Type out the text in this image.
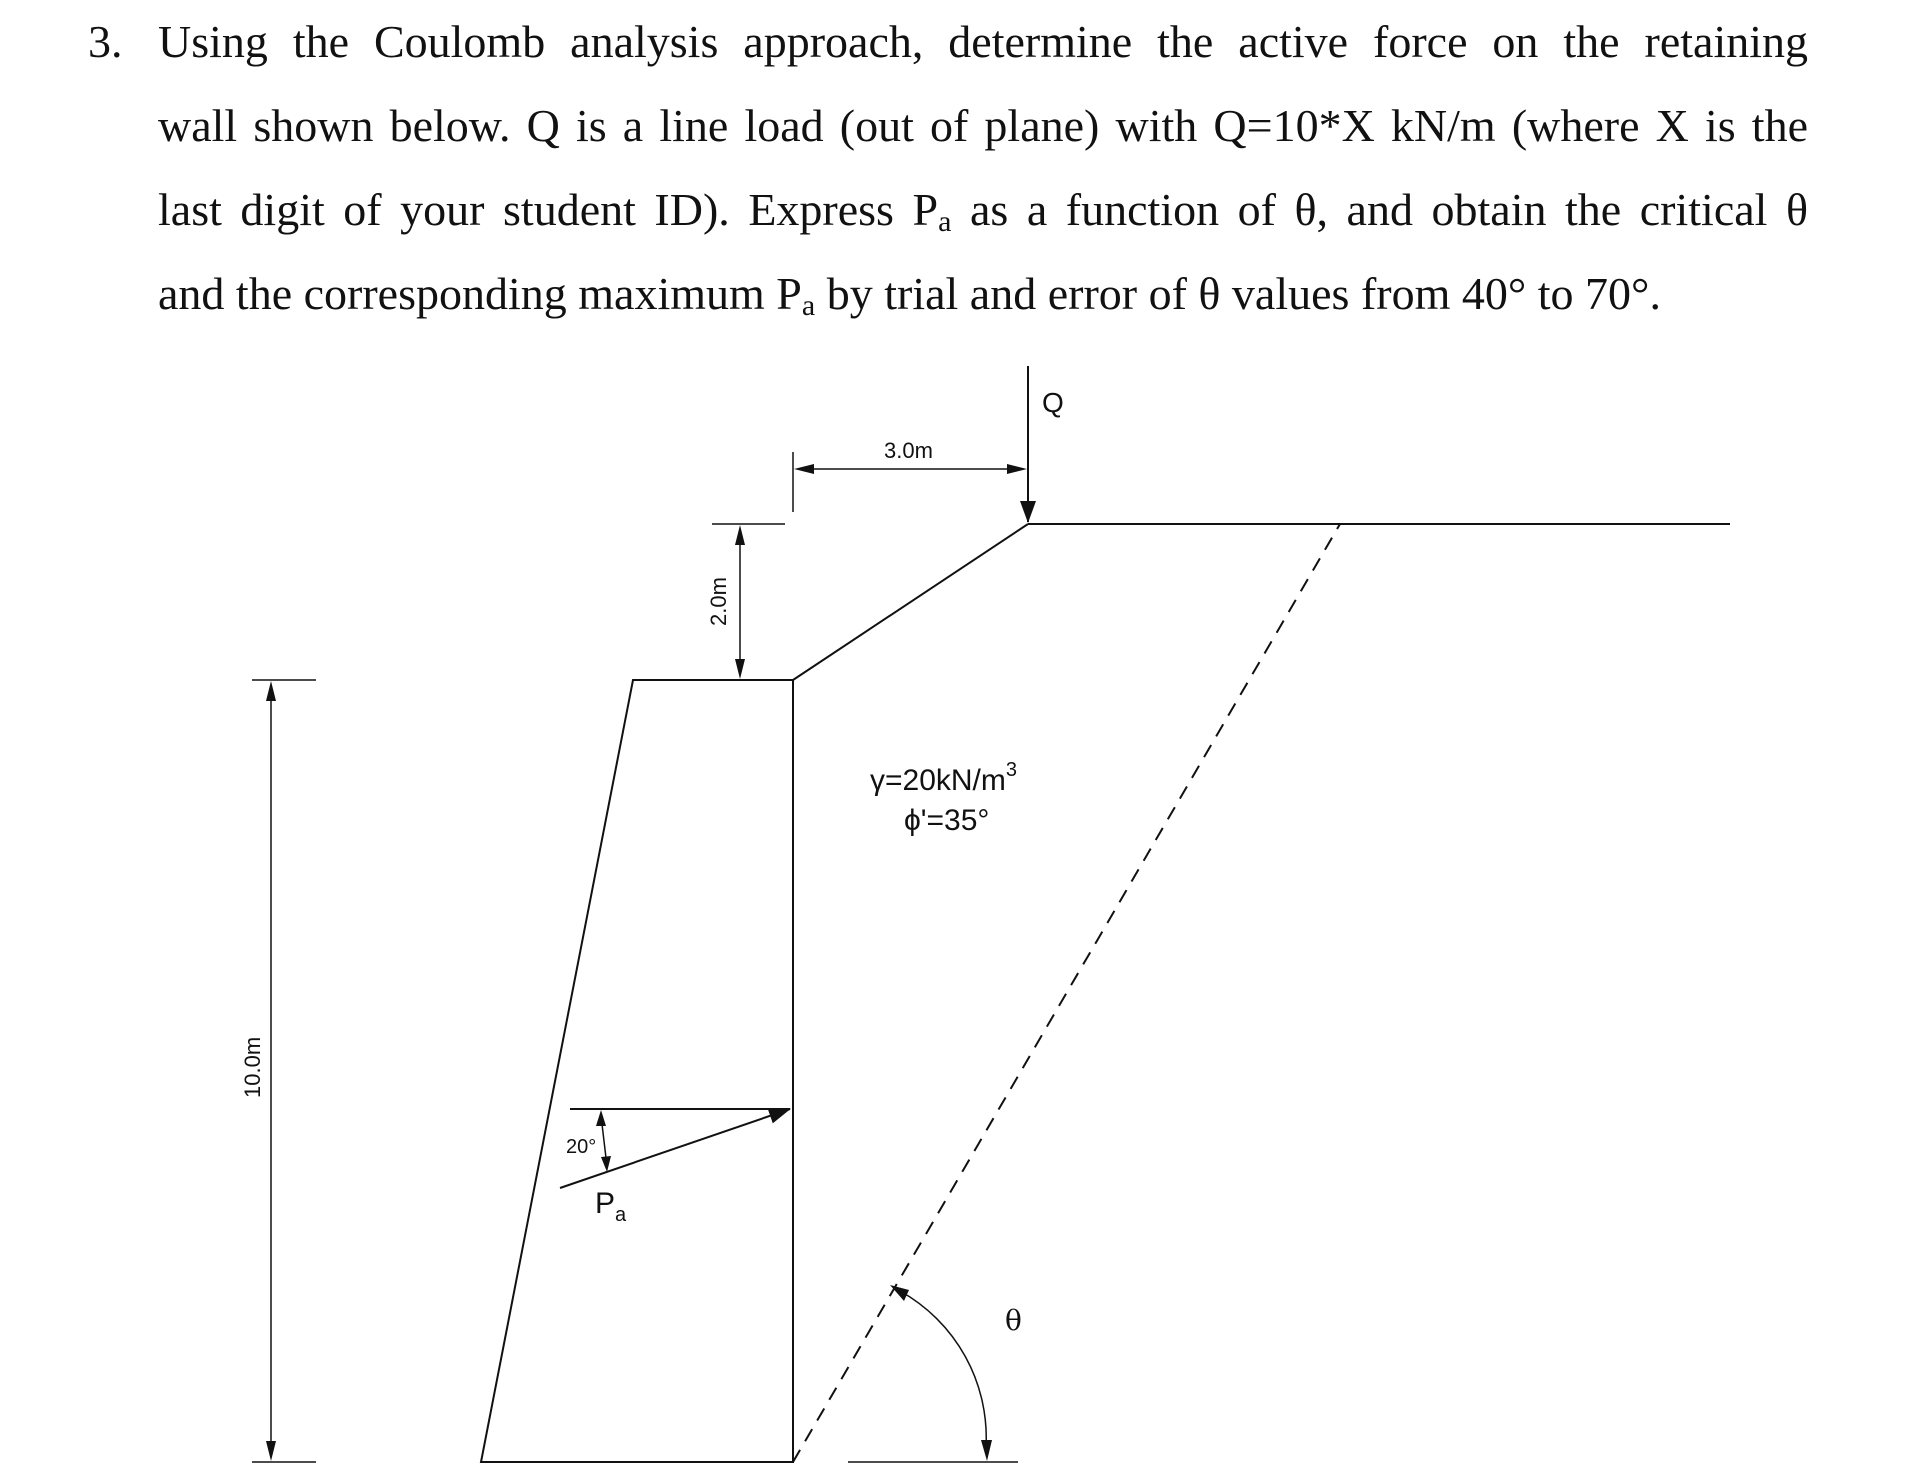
3. Using the Coulomb analysis approach, determine the active force on the retaining
wall shown below. Q is a line load (out of plane) with Q=10*X kN/m (where X is the
last digit of your student ID). Express $P_a$ as a function of θ, and obtain the critical θ
and the corresponding maximum $P_a$ by trial and error of θ values from 40° to 70°.
Q
3.0m
2.0m
10.0m
$\gamma=20kN/m^3$
ϕ'=35°
20°
$P_a$
θ
